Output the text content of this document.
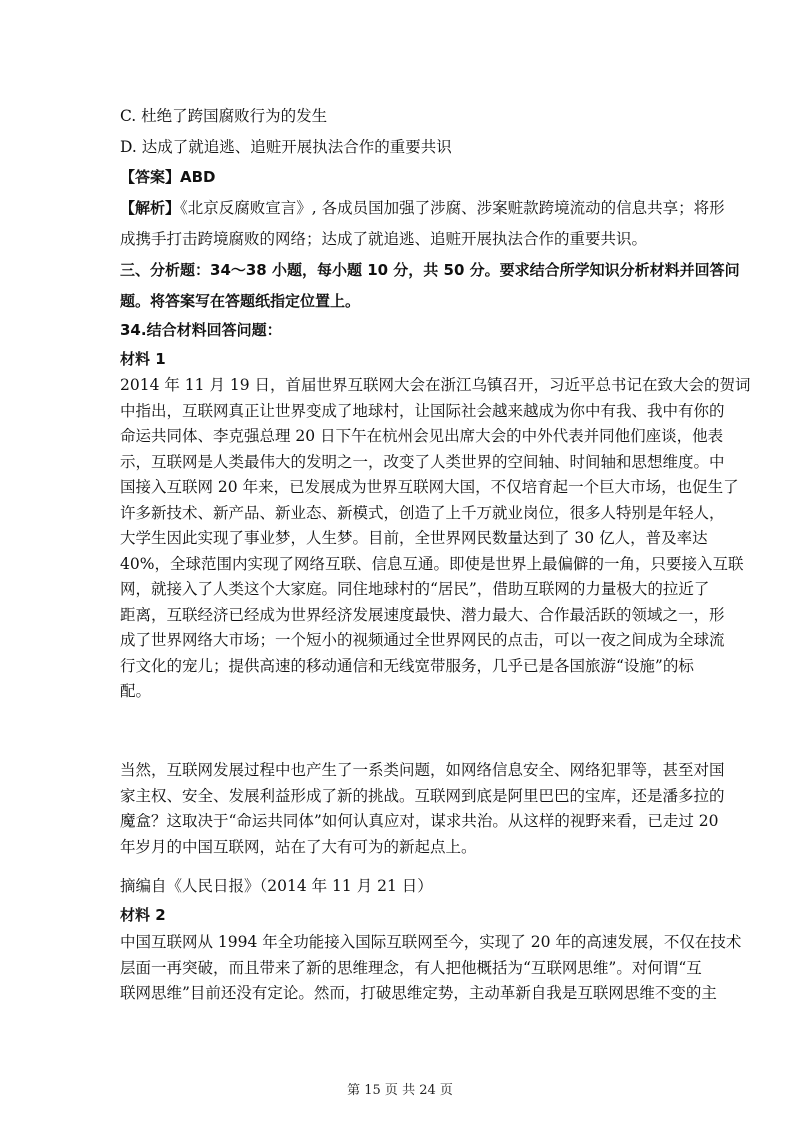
C. 杜绝了跨国腐败行为的发生
D. 达成了就追逃、追赃开展执法合作的重要共识
【答案】ABD
【解析】《北京反腐败宣言》, 各成员国加强了涉腐、涉案赃款跨境流动的信息共享；将形
成携手打击跨境腐败的网络；达成了就追逃、追赃开展执法合作的重要共识。
三、分析题：34～38 小题，每小题 10 分，共 50 分。要求结合所学知识分析材料并回答问
题。将答案写在答题纸指定位置上。
34.结合材料回答问题：
材料 1
2014 年 11 月 19 日，首届世界互联网大会在浙江乌镇召开，习近平总书记在致大会的贺词
中指出，互联网真正让世界变成了地球村，让国际社会越来越成为你中有我、我中有你的
命运共同体、李克强总理 20 日下午在杭州会见出席大会的中外代表并同他们座谈，他表
示，互联网是人类最伟大的发明之一，改变了人类世界的空间轴、时间轴和思想维度。中
国接入互联网 20 年来，已发展成为世界互联网大国，不仅培育起一个巨大市场，也促生了
许多新技术、新产品、新业态、新模式，创造了上千万就业岗位，很多人特别是年轻人，
大学生因此实现了事业梦，人生梦。目前，全世界网民数量达到了 30 亿人，普及率达
40%，全球范围内实现了网络互联、信息互通。即使是世界上最偏僻的一角，只要接入互联
网，就接入了人类这个大家庭。同住地球村的“居民”，借助互联网的力量极大的拉近了
距离，互联经济已经成为世界经济发展速度最快、潜力最大、合作最活跃的领域之一，形
成了世界网络大市场；一个短小的视频通过全世界网民的点击，可以一夜之间成为全球流
行文化的宠儿；提供高速的移动通信和无线宽带服务，几乎已是各国旅游“设施”的标
配。
当然，互联网发展过程中也产生了一系类问题，如网络信息安全、网络犯罪等，甚至对国
家主权、安全、发展利益形成了新的挑战。互联网到底是阿里巴巴的宝库，还是潘多拉的
魔盒？这取决于“命运共同体”如何认真应对，谋求共治。从这样的视野来看，已走过 20
年岁月的中国互联网，站在了大有可为的新起点上。
摘编自《人民日报》（2014 年 11 月 21 日）
材料 2
中国互联网从 1994 年全功能接入国际互联网至今，实现了 20 年的高速发展，不仅在技术
层面一再突破，而且带来了新的思维理念，有人把他概括为“互联网思维”。对何谓“互
联网思维”目前还没有定论。然而，打破思维定势，主动革新自我是互联网思维不变的主
第 15 页 共 24 页
